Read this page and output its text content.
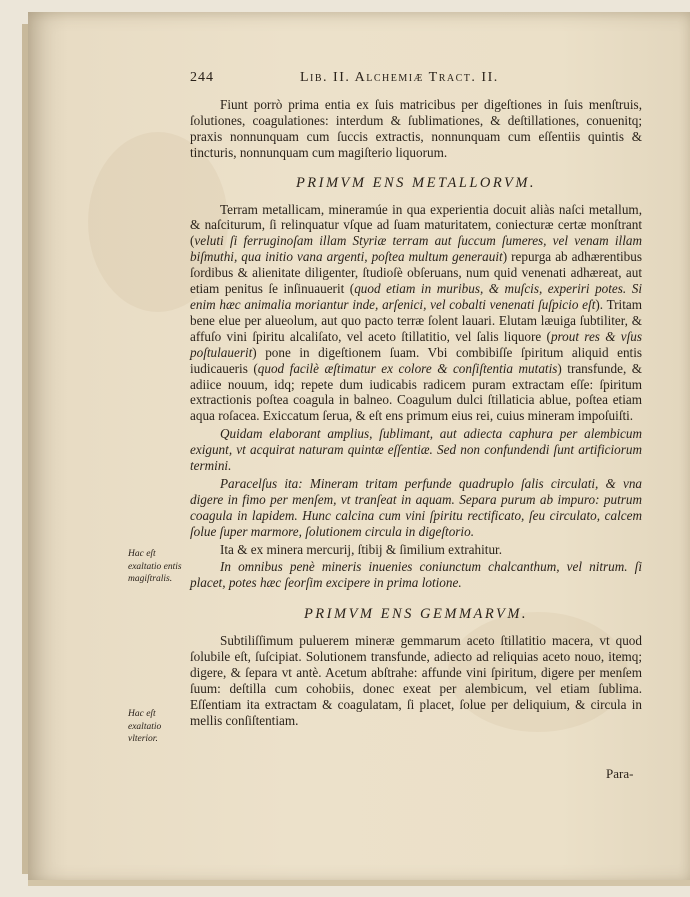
244	Lib. II. Alchemiæ Tract. II.

Fiunt porrò prima entia ex ſuis matricibus per digeſtiones in ſuis menſtruis, ſolutiones, coagulationes: interdum & ſublimationes, & deſtillationes, conuenitq; praxis nonnunquam cum ſuccis extractis, nonnunquam cum eſſentiis quintis & tincturis, nonnunquam cum magiſterio liquorum.

PRIMVM ENS METALLORVM.

Terram metallicam, mineramúe in qua experientia docuit aliàs naſci metallum, & naſciturum, ſi relinquatur vſque ad ſuam maturitatem, coniecturæ certæ monſtrant (veluti ſi ferruginoſam illam Styriæ terram aut ſuccum ſumeres, vel venam illam biſmuthi, qua initio vana argenti, poſtea multum generauit) repurga ab adhærentibus ſordibus & alienitate diligenter, ſtudioſè obſeruans, num quid venenati adhæreat, aut etiam penitus ſe inſinuauerit (quod etiam in muribus, & muſcis, experiri potes. Si enim hæc animalia moriantur inde, arſenici, vel cobalti venenati ſuſpicio eſt). Tritam bene elue per alueolum, aut quo pacto terræ ſolent lauari. Elutam læuiga ſubtiliter, & affuſo vini ſpiritu alcaliſato, vel aceto ſtillatitio, vel ſalis liquore (prout res & vſus poſtulauerit) pone in digeſtionem ſuam. Vbi combibiſſe ſpiritum aliquid entis iudicaueris (quod facilè æſtimatur ex colore & conſiſtentia mutatis) transfunde, & adiice nouum, idq; repete dum iudicabis radicem puram extractam eſſe: ſpiritum extractionis poſtea coagula in balneo. Coagulum dulci ſtillaticia ablue, poſtea etiam aqua roſacea. Exiccatum ſerua, & eſt ens primum eius rei, cuius mineram impoſuiſti.

Quidam elaborant amplius, ſublimant, aut adiecta caphura per alembicum exigunt, vt acquirat naturam quintæ eſſentiæ. Sed non confundendi ſunt artificiorum termini.

Paracelſus ita: Mineram tritam perfunde quadruplo ſalis circulati, & vna digere in fimo per menſem, vt tranſeat in aquam. Separa purum ab impuro: putrum coagula in lapidem. Hunc calcina cum vini ſpiritu rectificato, ſeu circulato, calcem ſolue ſuper marmore, ſolutionem circula in digeſtorio.

Ita & ex minera mercurij, ſtibij & ſimilium extrahitur.

In omnibus penè mineris inuenies coniunctum chalcanthum, vel nitrum. ſi placet, potes hæc ſeorſim excipere in prima lotione.

PRIMVM ENS GEMMARVM.

Subtiliſſimum puluerem mineræ gemmarum aceto ſtillatitio macera, vt quod ſolubile eſt, ſuſcipiat. Solutionem transfunde, adiecto ad reliquias aceto nouo, itemq; digere, & ſepara vt antè. Acetum abſtrahe: affunde vini ſpiritum, digere per menſem ſuum: deſtilla cum cohobiis, donec exeat per alembicum, vel etiam ſublima. Eſſentiam ita extractam & coagulatam, ſi placet, ſolue per deliquium, & circula in mellis conſiſtentiam.

Hac eſt exaltatio entis magiſtralis.
Hac eſt exaltatio vlterior.
Para-
